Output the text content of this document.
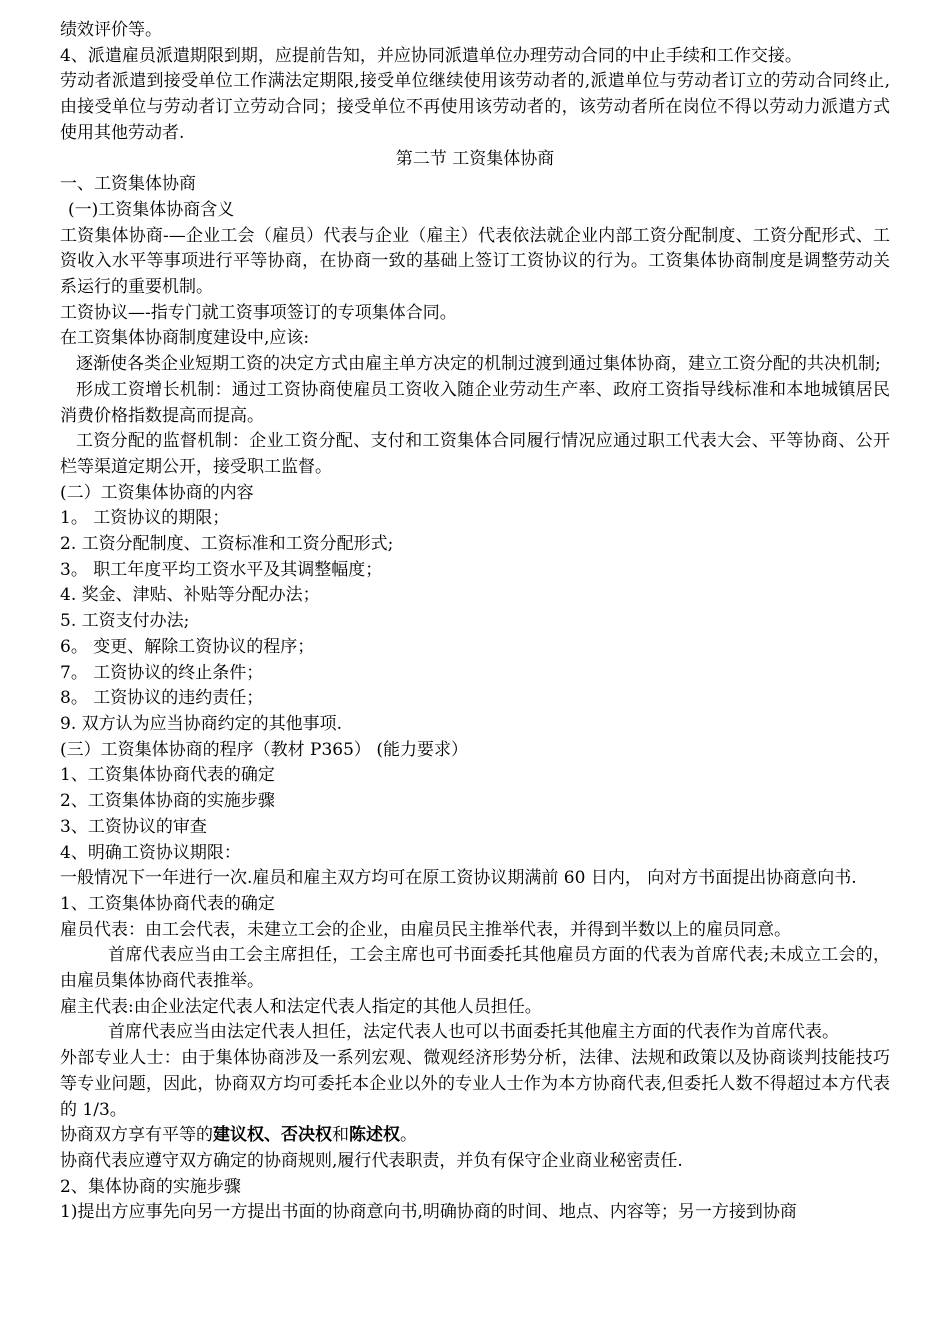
绩效评价等。

4、派遣雇员派遣期限到期，应提前告知，并应协同派遣单位办理劳动合同的中止手续和工作交接。

劳动者派遣到接受单位工作满法定期限,接受单位继续使用该劳动者的,派遣单位与劳动者订立的劳动合同终止,由接受单位与劳动者订立劳动合同；接受单位不再使用该劳动者的，该劳动者所在岗位不得以劳动力派遣方式使用其他劳动者.

第二节 工资集体协商

一、工资集体协商

(一)工资集体协商含义

工资集体协商-—企业工会（雇员）代表与企业（雇主）代表依法就企业内部工资分配制度、工资分配形式、工资收入水平等事项进行平等协商，在协商一致的基础上签订工资协议的行为。工资集体协商制度是调整劳动关系运行的重要机制。

工资协议—-指专门就工资事项签订的专项集体合同。

在工资集体协商制度建设中,应该:

逐渐使各类企业短期工资的决定方式由雇主单方决定的机制过渡到通过集体协商，建立工资分配的共决机制;

形成工资增长机制：通过工资协商使雇员工资收入随企业劳动生产率、政府工资指导线标准和本地城镇居民消费价格指数提高而提高。

工资分配的监督机制：企业工资分配、支付和工资集体合同履行情况应通过职工代表大会、平等协商、公开栏等渠道定期公开，接受职工监督。

(二）工资集体协商的内容

1。 工资协议的期限；

2. 工资分配制度、工资标准和工资分配形式;

3。 职工年度平均工资水平及其调整幅度；

4. 奖金、津贴、补贴等分配办法；

5. 工资支付办法;

6。 变更、解除工资协议的程序；

7。 工资协议的终止条件；

8。 工资协议的违约责任；

9. 双方认为应当协商约定的其他事项.

(三）工资集体协商的程序（教材 P365） (能力要求）

1、工资集体协商代表的确定

2、工资集体协商的实施步骤

3、工资协议的审查

4、明确工资协议期限：

一般情况下一年进行一次.雇员和雇主双方均可在原工资协议期满前 60 日内， 向对方书面提出协商意向书.

1、工资集体协商代表的确定

雇员代表：由工会代表，未建立工会的企业，由雇员民主推举代表，并得到半数以上的雇员同意。

首席代表应当由工会主席担任，工会主席也可书面委托其他雇员方面的代表为首席代表;未成立工会的，由雇员集体协商代表推举。

雇主代表:由企业法定代表人和法定代表人指定的其他人员担任。

首席代表应当由法定代表人担任，法定代表人也可以书面委托其他雇主方面的代表作为首席代表。

外部专业人士：由于集体协商涉及一系列宏观、微观经济形势分析，法律、法规和政策以及协商谈判技能技巧等专业问题，因此，协商双方均可委托本企业以外的专业人士作为本方协商代表,但委托人数不得超过本方代表的 1/3。

协商双方享有平等的建议权、否决权和陈述权。

协商代表应遵守双方确定的协商规则,履行代表职责，并负有保守企业商业秘密责任.

2、集体协商的实施步骤

1)提出方应事先向另一方提出书面的协商意向书,明确协商的时间、地点、内容等；另一方接到协商
